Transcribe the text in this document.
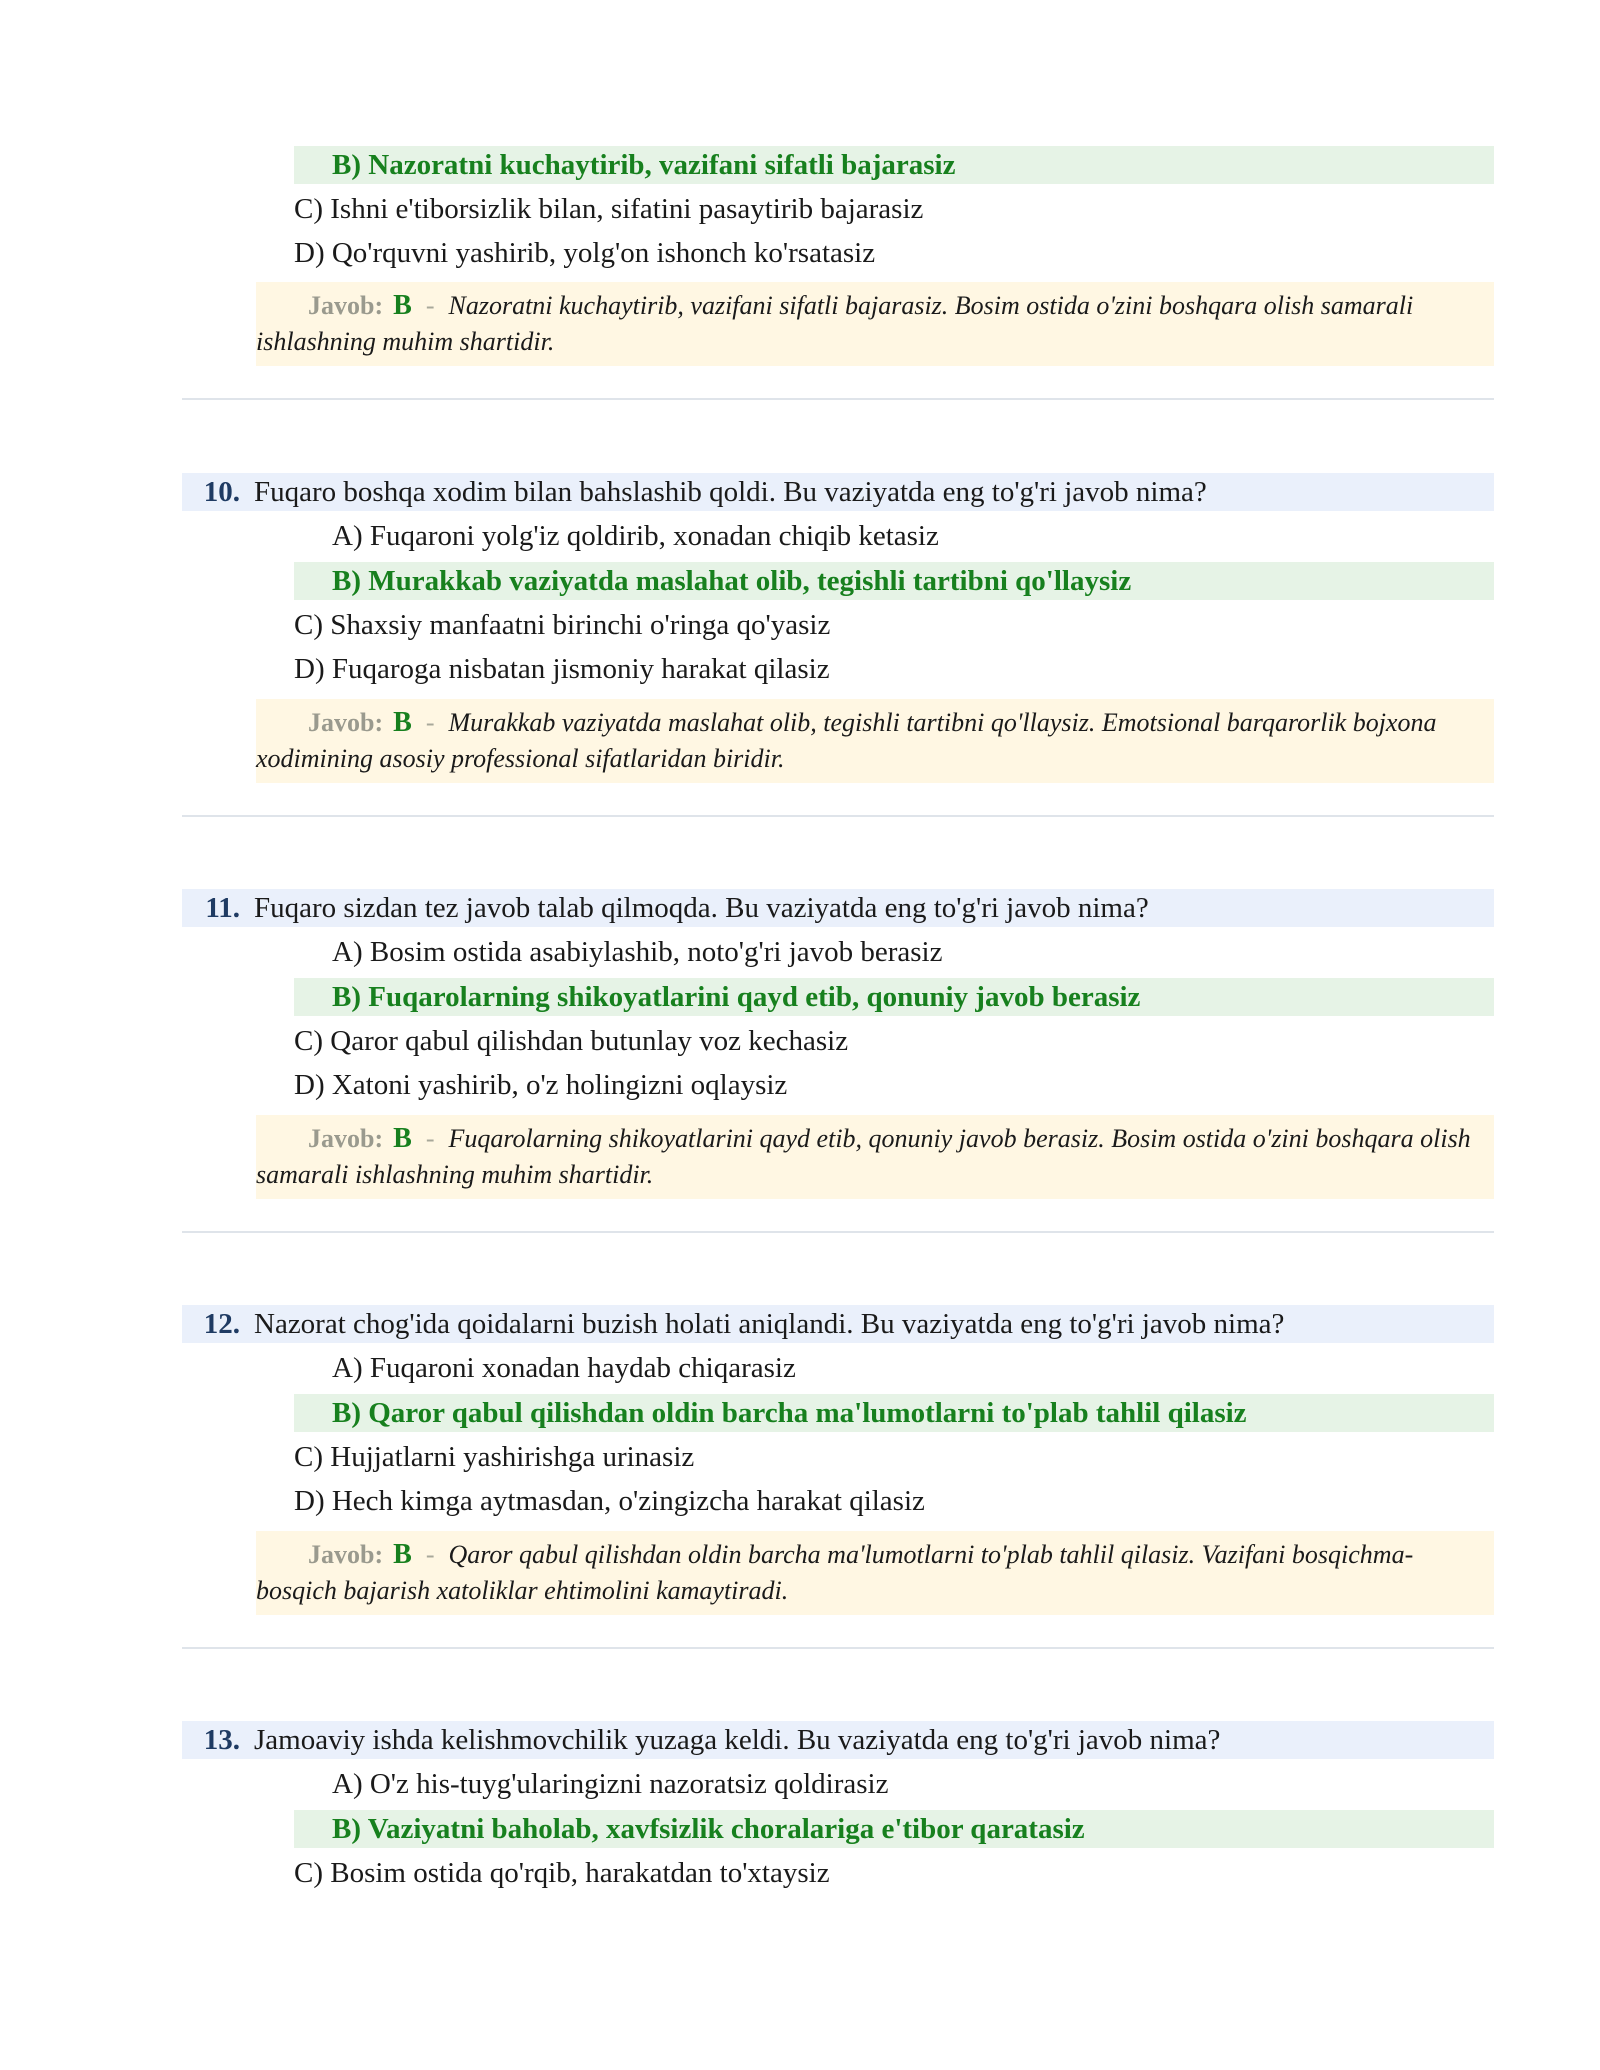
B) Nazoratni kuchaytirib, vazifani sifatli bajarasiz
C) Ishni e'tiborsizlik bilan, sifatini pasaytirib bajarasiz
D) Qo'rquvni yashirib, yolg'on ishonch ko'rsatasiz
Javob: B - Nazoratni kuchaytirib, vazifani sifatli bajarasiz. Bosim ostida o'zini boshqara olish samarali ishlashning muhim shartidir.
10. Fuqaro boshqa xodim bilan bahslashib qoldi. Bu vaziyatda eng to'g'ri javob nima?
A) Fuqaroni yolg'iz qoldirib, xonadan chiqib ketasiz
B) Murakkab vaziyatda maslahat olib, tegishli tartibni qo'llaysiz
C) Shaxsiy manfaatni birinchi o'ringa qo'yasiz
D) Fuqaroga nisbatan jismoniy harakat qilasiz
Javob: B - Murakkab vaziyatda maslahat olib, tegishli tartibni qo'llaysiz. Emotsional barqarorlik bojxona xodimining asosiy professional sifatlaridan biridir.
11. Fuqaro sizdan tez javob talab qilmoqda. Bu vaziyatda eng to'g'ri javob nima?
A) Bosim ostida asabiylashib, noto'g'ri javob berasiz
B) Fuqarolarning shikoyatlarini qayd etib, qonuniy javob berasiz
C) Qaror qabul qilishdan butunlay voz kechasiz
D) Xatoni yashirib, o'z holingizni oqlaysiz
Javob: B - Fuqarolarning shikoyatlarini qayd etib, qonuniy javob berasiz. Bosim ostida o'zini boshqara olish samarali ishlashning muhim shartidir.
12. Nazorat chog'ida qoidalarni buzish holati aniqlandi. Bu vaziyatda eng to'g'ri javob nima?
A) Fuqaroni xonadan haydab chiqarasiz
B) Qaror qabul qilishdan oldin barcha ma'lumotlarni to'plab tahlil qilasiz
C) Hujjatlarni yashirishga urinasiz
D) Hech kimga aytmasdan, o'zingizcha harakat qilasiz
Javob: B - Qaror qabul qilishdan oldin barcha ma'lumotlarni to'plab tahlil qilasiz. Vazifani bosqichma-bosqich bajarish xatoliklar ehtimolini kamaytiradi.
13. Jamoaviy ishda kelishmovchilik yuzaga keldi. Bu vaziyatda eng to'g'ri javob nima?
A) O'z his-tuyg'ularingizni nazoratsiz qoldirasiz
B) Vaziyatni baholab, xavfsizlik choralariga e'tibor qaratasiz
C) Bosim ostida qo'rqib, harakatdan to'xtaysiz
